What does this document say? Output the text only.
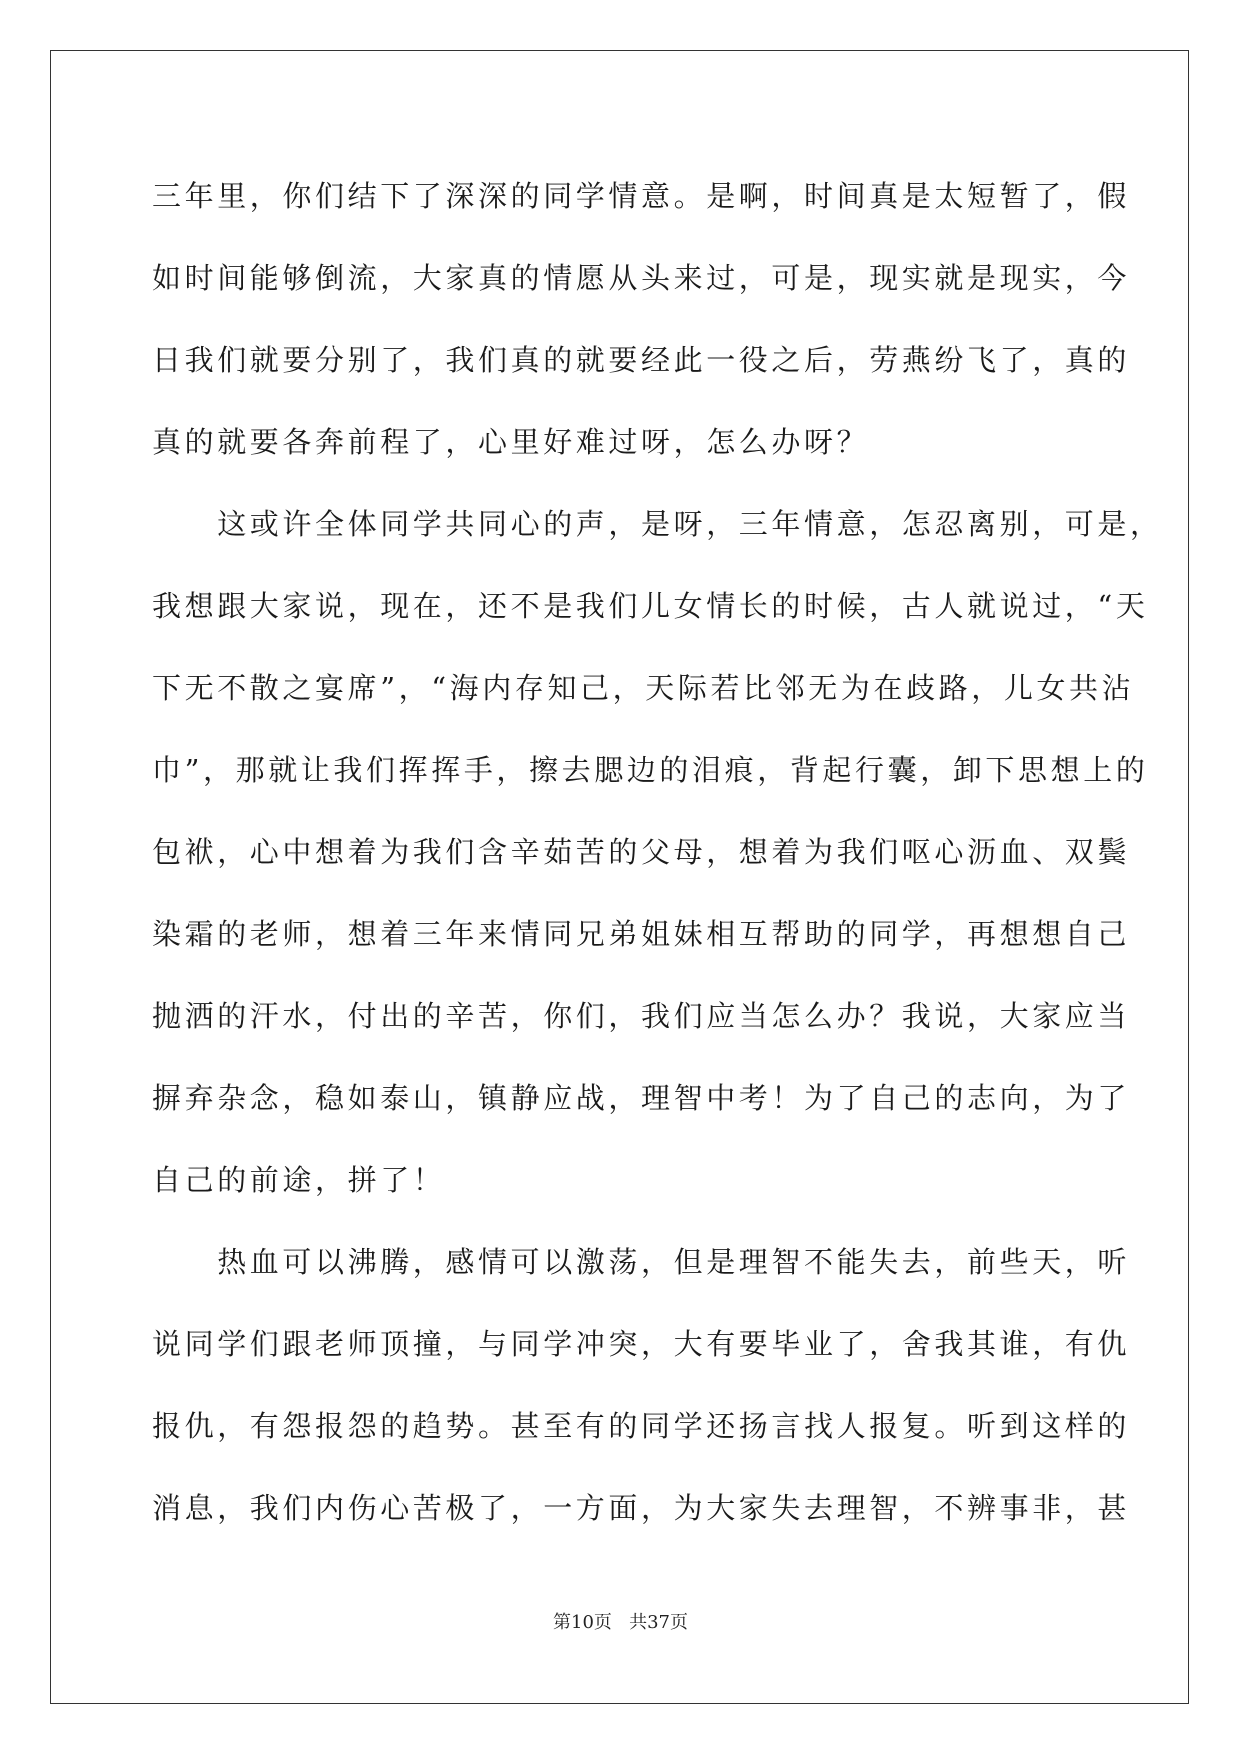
三年里，你们结下了深深的同学情意。是啊，时间真是太短暂了，假
如时间能够倒流，大家真的情愿从头来过，可是，现实就是现实，今
日我们就要分别了，我们真的就要经此一役之后，劳燕纷飞了，真的
真的就要各奔前程了，心里好难过呀，怎么办呀？
　　这或许全体同学共同心的声，是呀，三年情意，怎忍离别，可是，
我想跟大家说，现在，还不是我们儿女情长的时候，古人就说过，“天
下无不散之宴席”，“海内存知己，天际若比邻无为在歧路，儿女共沾
巾”，那就让我们挥挥手，擦去腮边的泪痕，背起行囊，卸下思想上的
包袱，心中想着为我们含辛茹苦的父母，想着为我们呕心沥血、双鬓
染霜的老师，想着三年来情同兄弟姐妹相互帮助的同学，再想想自己
抛洒的汗水，付出的辛苦，你们，我们应当怎么办？我说，大家应当
摒弃杂念，稳如泰山，镇静应战，理智中考！为了自己的志向，为了
自己的前途，拼了！
　　热血可以沸腾，感情可以激荡，但是理智不能失去，前些天，听
说同学们跟老师顶撞，与同学冲突，大有要毕业了，舍我其谁，有仇
报仇，有怨报怨的趋势。甚至有的同学还扬言找人报复。听到这样的
消息，我们内伤心苦极了，一方面，为大家失去理智，不辨事非，甚
第10页 共37页
